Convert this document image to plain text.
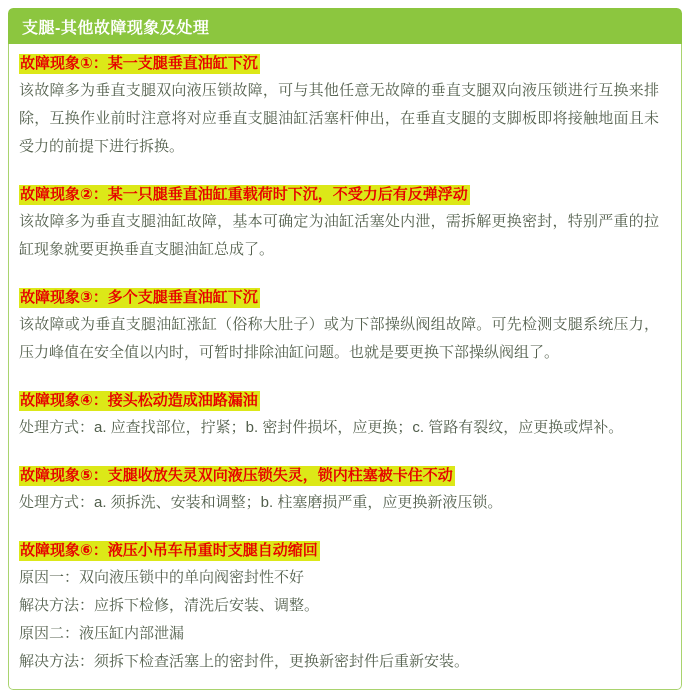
支腿-其他故障现象及处理
故障现象①：某一支腿垂直油缸下沉
该故障多为垂直支腿双向液压锁故障，可与其他任意无故障的垂直支腿双向液压锁进行互换来排除，互换作业前时注意将对应垂直支腿油缸活塞杆伸出，在垂直支腿的支脚板即将接触地面且未受力的前提下进行拆换。
故障现象②：某一只腿垂直油缸重载荷时下沉，不受力后有反弹浮动
该故障多为垂直支腿油缸故障，基本可确定为油缸活塞处内泄，需拆解更换密封，特别严重的拉缸现象就要更换垂直支腿油缸总成了。
故障现象③：多个支腿垂直油缸下沉
该故障或为垂直支腿油缸涨缸（俗称大肚子）或为下部操纵阀组故障。可先检测支腿系统压力，压力峰值在安全值以内时，可暂时排除油缸问题。也就是要更换下部操纵阀组了。
故障现象④：接头松动造成油路漏油
处理方式：a. 应查找部位，拧紧；b. 密封件损坏，应更换；c. 管路有裂纹，应更换或焊补。
故障现象⑤：支腿收放失灵双向液压锁失灵，锁内柱塞被卡住不动
处理方式：a. 须拆洗、安装和调整；b. 柱塞磨损严重，应更换新液压锁。
故障现象⑥：液压小吊车吊重时支腿自动缩回
原因一：双向液压锁中的单向阀密封性不好
解决方法：应拆下检修，清洗后安装、调整。
原因二：液压缸内部泄漏
解决方法：须拆下检查活塞上的密封件，更换新密封件后重新安装。
